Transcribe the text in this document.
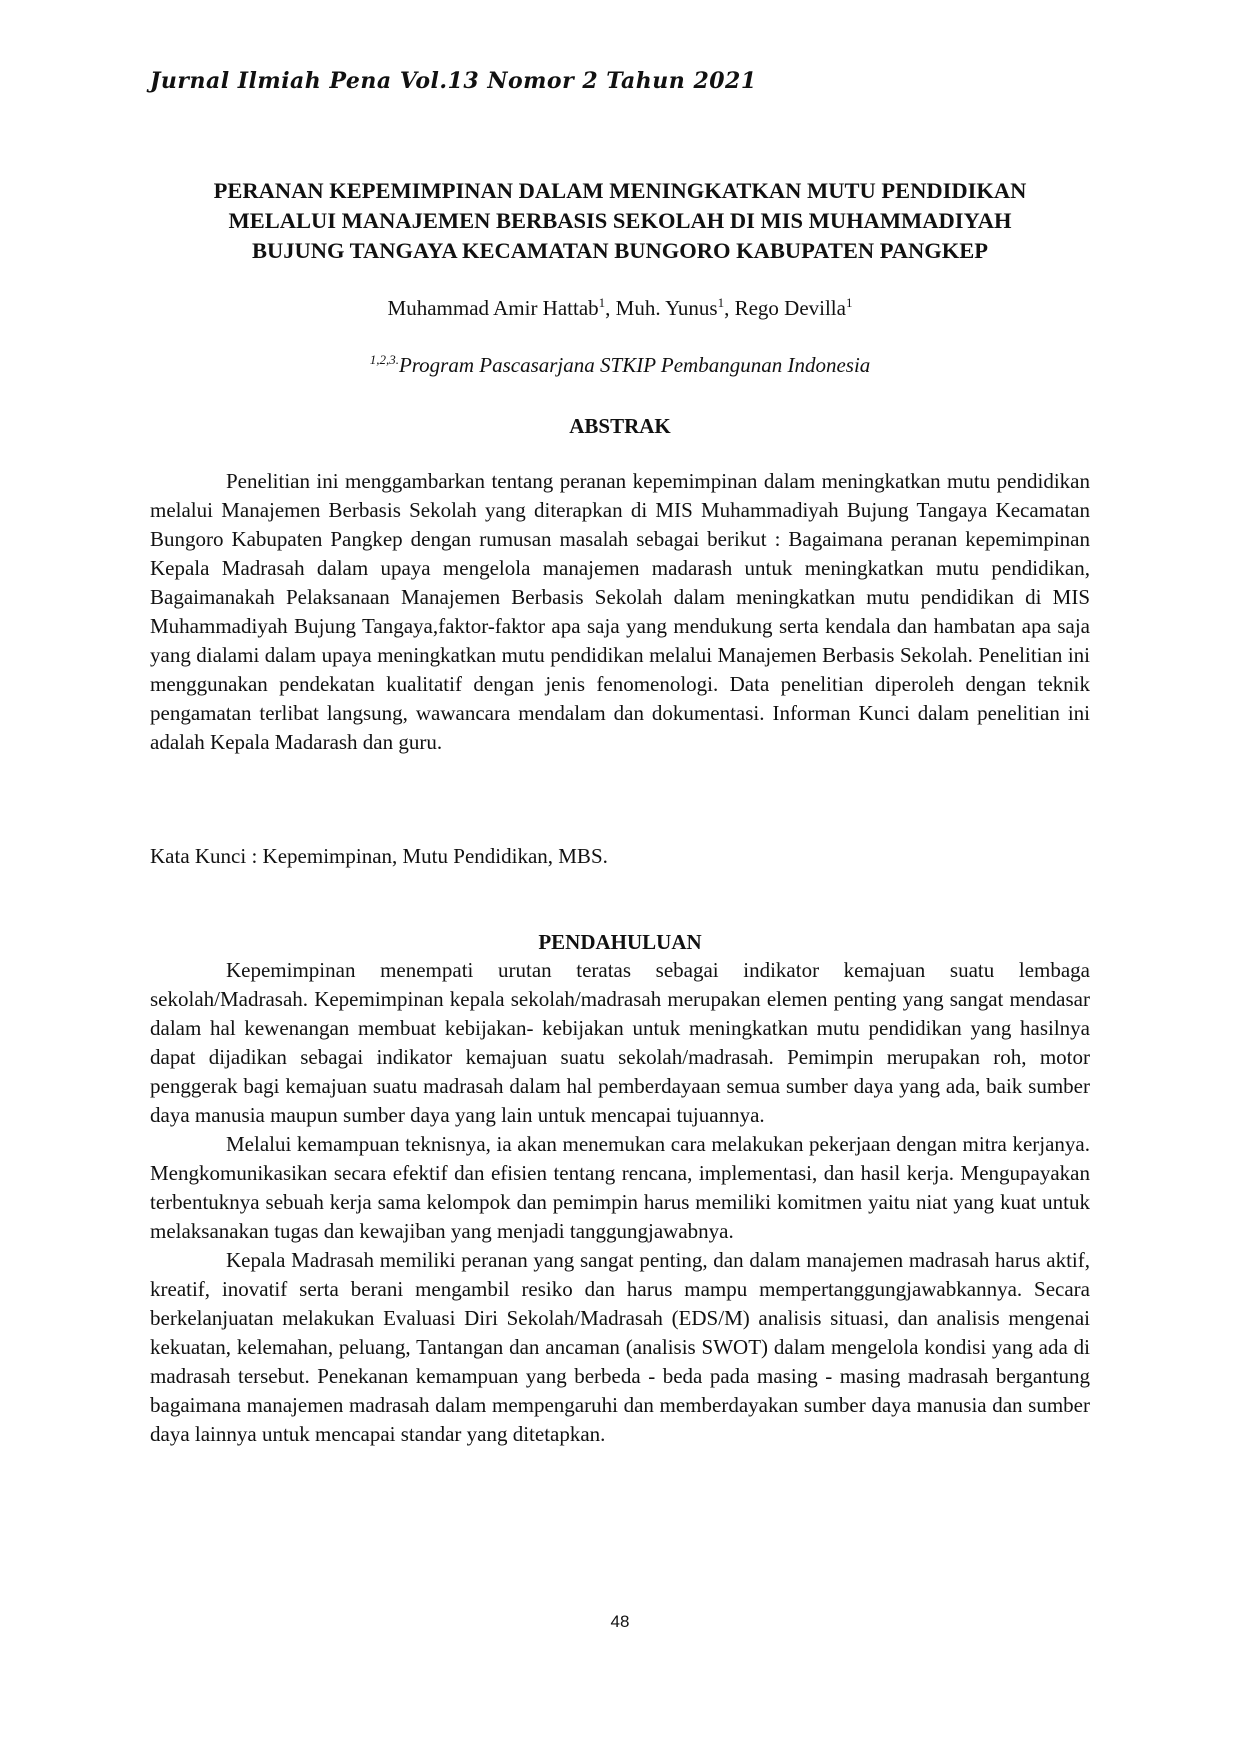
Jurnal Ilmiah Pena Vol.13 Nomor 2 Tahun 2021
PERANAN KEPEMIMPINAN DALAM MENINGKATKAN MUTU PENDIDIKAN
MELALUI MANAJEMEN BERBASIS SEKOLAH DI MIS MUHAMMADIYAH
BUJUNG TANGAYA KECAMATAN BUNGORO KABUPATEN PANGKEP
Muhammad Amir Hattab$^1$, Muh. Yunus$^1$, Rego Devilla$^1$
$^{1,2,3.}$Program Pascasarjana STKIP Pembangunan Indonesia
ABSTRAK

Penelitian ini menggambarkan tentang peranan kepemimpinan dalam meningkatkan mutu pendidikan melalui Manajemen Berbasis Sekolah yang diterapkan di MIS Muhammadiyah Bujung Tangaya Kecamatan Bungoro Kabupaten Pangkep dengan rumusan masalah sebagai berikut : Bagaimana peranan kepemimpinan Kepala Madrasah dalam upaya mengelola manajemen madarash untuk meningkatkan mutu pendidikan, Bagaimanakah Pelaksanaan Manajemen Berbasis Sekolah dalam meningkatkan mutu pendidikan di MIS Muhammadiyah Bujung Tangaya,faktor-faktor apa saja yang mendukung serta kendala dan hambatan apa saja yang dialami dalam upaya meningkatkan mutu pendidikan melalui Manajemen Berbasis Sekolah. Penelitian ini menggunakan pendekatan kualitatif dengan jenis fenomenologi. Data penelitian diperoleh dengan teknik pengamatan terlibat langsung, wawancara mendalam dan dokumentasi. Informan Kunci dalam penelitian ini adalah Kepala Madarash dan guru.

Kata Kunci : Kepemimpinan, Mutu Pendidikan, MBS.
PENDAHULUAN

Kepemimpinan menempati urutan teratas sebagai indikator kemajuan suatu lembaga sekolah/Madrasah. Kepemimpinan kepala sekolah/madrasah merupakan elemen penting yang sangat mendasar dalam hal kewenangan membuat kebijakan- kebijakan untuk meningkatkan mutu pendidikan yang hasilnya dapat dijadikan sebagai indikator kemajuan suatu sekolah/madrasah. Pemimpin merupakan roh, motor penggerak bagi kemajuan suatu madrasah dalam hal pemberdayaan semua sumber daya yang ada, baik sumber daya manusia maupun sumber daya yang lain untuk mencapai tujuannya.

Melalui kemampuan teknisnya, ia akan menemukan cara melakukan pekerjaan dengan mitra kerjanya. Mengkomunikasikan secara efektif dan efisien tentang rencana, implementasi, dan hasil kerja. Mengupayakan terbentuknya sebuah kerja sama kelompok dan pemimpin harus memiliki komitmen yaitu niat yang kuat untuk melaksanakan tugas dan kewajiban yang menjadi tanggungjawabnya.

Kepala Madrasah memiliki peranan yang sangat penting, dan dalam manajemen madrasah harus aktif, kreatif, inovatif serta berani mengambil resiko dan harus mampu mempertanggungjawabkannya. Secara berkelanjuatan melakukan Evaluasi Diri Sekolah/Madrasah (EDS/M) analisis situasi, dan analisis mengenai kekuatan, kelemahan, peluang, Tantangan dan ancaman (analisis SWOT) dalam mengelola kondisi yang ada di madrasah tersebut. Penekanan kemampuan yang berbeda - beda pada masing - masing madrasah bergantung bagaimana manajemen madrasah dalam mempengaruhi dan memberdayakan sumber daya manusia dan sumber daya lainnya untuk mencapai standar yang ditetapkan.

48
